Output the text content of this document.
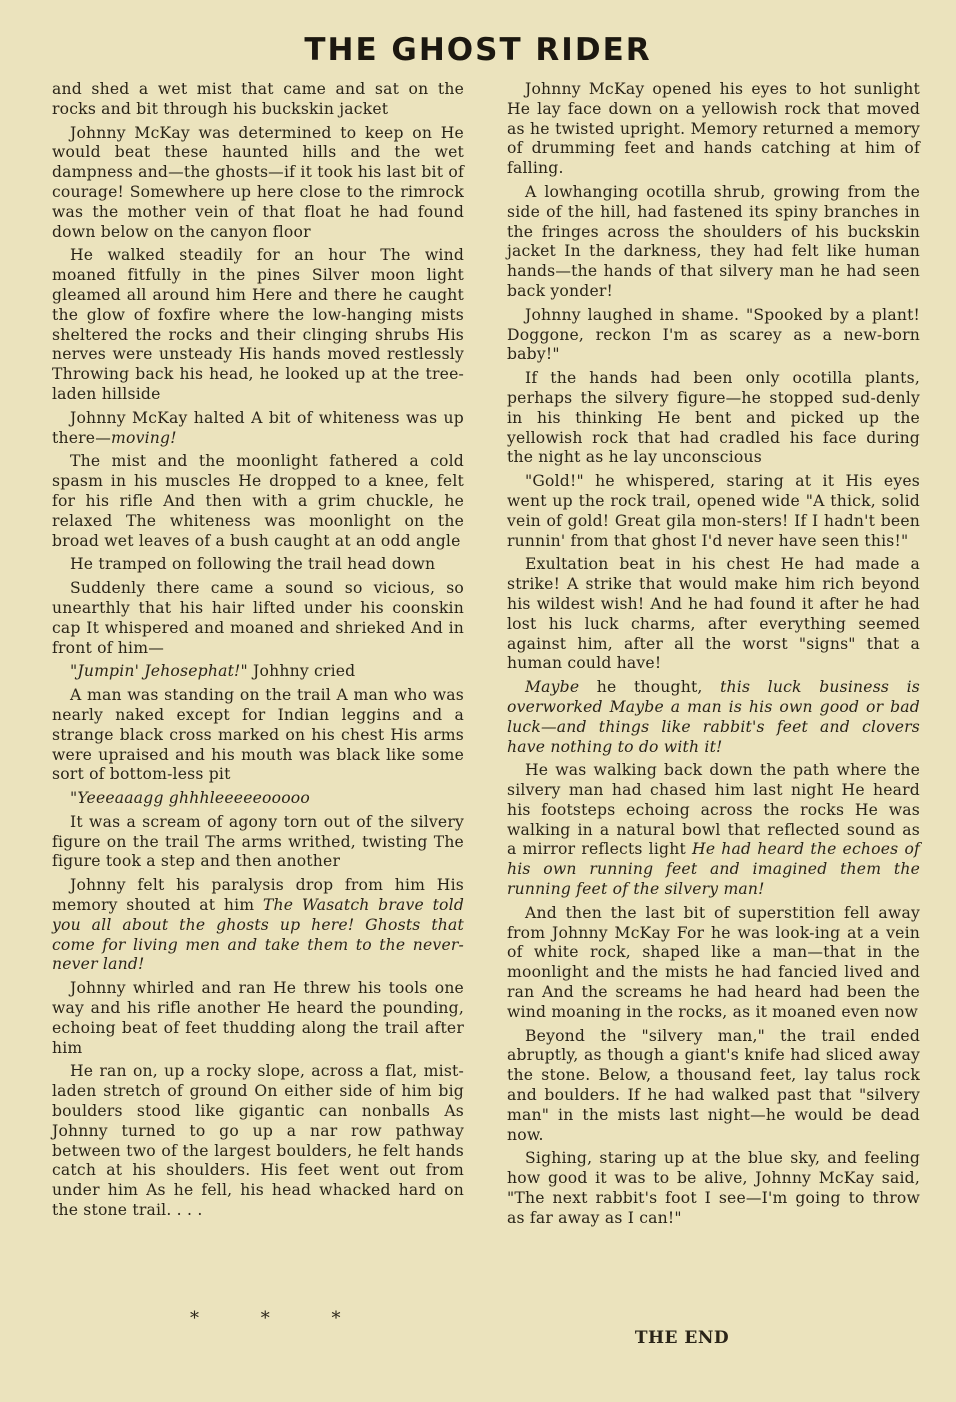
THE GHOST RIDER

and shed a wet mist that came and sat on the rocks and bit through his buckskin jacket

Johnny McKay was determined to keep on He would beat these haunted hills and the wet dampness and—the ghosts—if it took his last bit of courage! Somewhere up here close to the rimrock was the mother vein of that float he had found down below on the canyon floor

He walked steadily for an hour The wind moaned fitfully in the pines Silver moon light gleamed all around him Here and there he caught the glow of foxfire where the low-hanging mists sheltered the rocks and their clinging shrubs His nerves were unsteady His hands moved restlessly Throwing back his head, he looked up at the tree-laden hillside

Johnny McKay halted A bit of whiteness was up there—moving!

The mist and the moonlight fathered a cold spasm in his muscles He dropped to a knee, felt for his rifle And then with a grim chuckle, he relaxed The whiteness was moonlight on the broad wet leaves of a bush caught at an odd angle

He tramped on following the trail head down

Suddenly there came a sound so vicious, so unearthly that his hair lifted under his coonskin cap It whispered and moaned and shrieked And in front of him—

"Jumpin' Jehosephat!" Johhny cried

A man was standing on the trail A man who was nearly naked except for Indian leggins and a strange black cross marked on his chest His arms were upraised and his mouth was black like some sort of bottom-less pit

"Yeeeaaagg ghhhleeeeeooooo

It was a scream of agony torn out of the silvery figure on the trail The arms writhed, twisting The figure took a step and then another

Johnny felt his paralysis drop from him His memory shouted at him The Wasatch brave told you all about the ghosts up here! Ghosts that come for living men and take them to the never-never land!

Johnny whirled and ran He threw his tools one way and his rifle another He heard the pounding, echoing beat of feet thudding along the trail after him

He ran on, up a rocky slope, across a flat, mist-laden stretch of ground On either side of him big boulders stood like gigantic can nonballs As Johnny turned to go up a nar row pathway between two of the largest boulders, he felt hands catch at his shoulders. His feet went out from under him As he fell, his head whacked hard on the stone trail. . . .

* * *

Johnny McKay opened his eyes to hot sunlight He lay face down on a yellowish rock that moved as he twisted upright. Memory returned a memory of drumming feet and hands catching at him of falling.

A lowhanging ocotilla shrub, growing from the side of the hill, had fastened its spiny branches in the fringes across the shoulders of his buckskin jacket In the darkness, they had felt like human hands—the hands of that silvery man he had seen back yonder!

Johnny laughed in shame. "Spooked by a plant! Doggone, reckon I'm as scarey as a new-born baby!"

If the hands had been only ocotilla plants, perhaps the silvery figure—he stopped sud-denly in his thinking He bent and picked up the yellowish rock that had cradled his face during the night as he lay unconscious

"Gold!" he whispered, staring at it His eyes went up the rock trail, opened wide "A thick, solid vein of gold! Great gila mon-sters! If I hadn't been runnin' from that ghost I'd never have seen this!"

Exultation beat in his chest He had made a strike! A strike that would make him rich beyond his wildest wish! And he had found it after he had lost his luck charms, after everything seemed against him, after all the worst "signs" that a human could have!

Maybe he thought, this luck business is overworked Maybe a man is his own good or bad luck—and things like rabbit's feet and clovers have nothing to do with it!

He was walking back down the path where the silvery man had chased him last night He heard his footsteps echoing across the rocks He was walking in a natural bowl that reflected sound as a mirror reflects light He had heard the echoes of his own running feet and imagined them the running feet of the silvery man!

And then the last bit of superstition fell away from Johnny McKay For he was look-ing at a vein of white rock, shaped like a man—that in the moonlight and the mists he had fancied lived and ran And the screams he had heard had been the wind moaning in the rocks, as it moaned even now

Beyond the "silvery man," the trail ended abruptly, as though a giant's knife had sliced away the stone. Below, a thousand feet, lay talus rock and boulders. If he had walked past that "silvery man" in the mists last night—he would be dead now.

Sighing, staring up at the blue sky, and feeling how good it was to be alive, Johnny McKay said, "The next rabbit's foot I see—I'm going to throw as far away as I can!"

THE END
